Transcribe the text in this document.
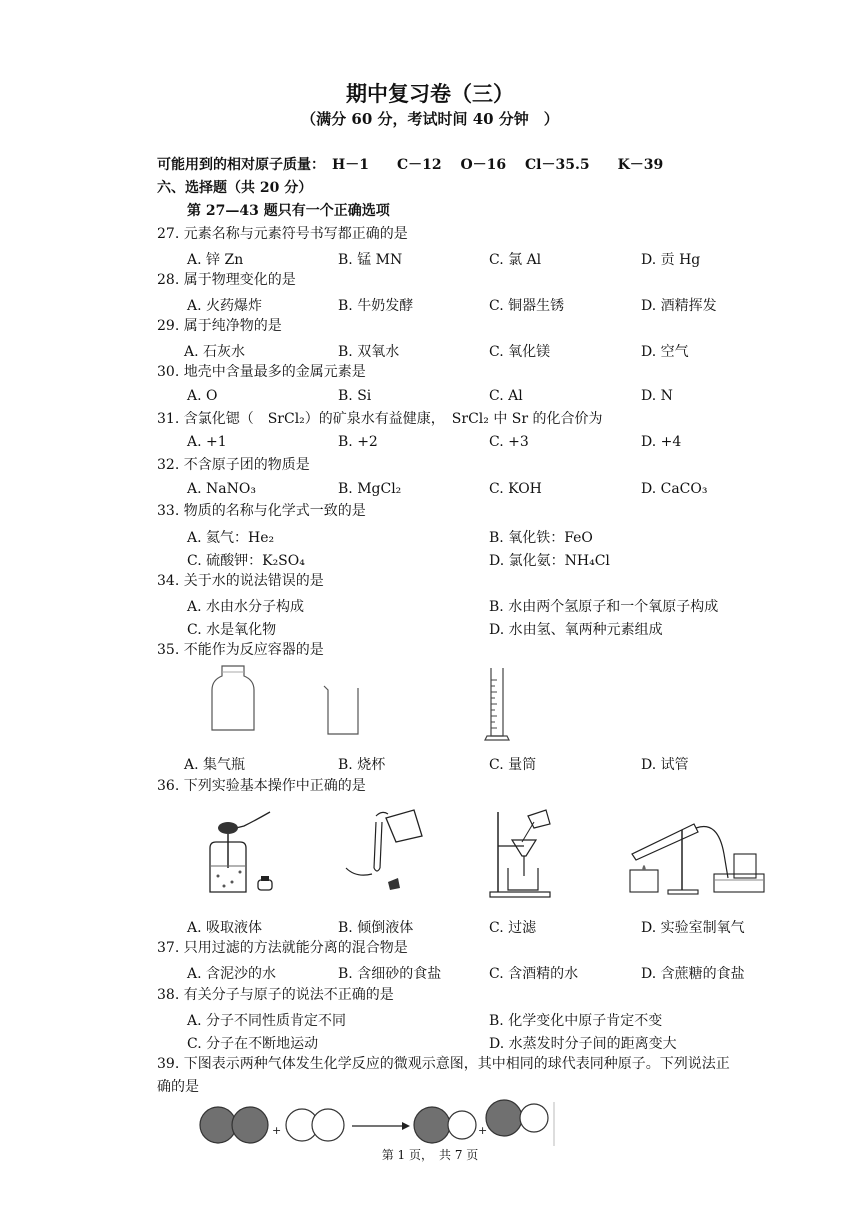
期中复习卷（三）
（满分 60 分，考试时间 40 分钟　）
可能用到的相对原子质量：　H－1　　C－12　 O－16　 Cl－35.5　　K－39
六、选择题（共 20 分）
第 27—43 题只有一个正确选项
27. 元素名称与元素符号书写都正确的是
A. 锌 Zn	B. 锰 MN	C. 氯 Al	D. 贡 Hg
28. 属于物理变化的是
A. 火药爆炸	B. 牛奶发酵	C. 铜器生锈	D. 酒精挥发
29. 属于纯净物的是
A. 石灰水	B. 双氧水	C. 氧化镁	D. 空气
30. 地壳中含量最多的金属元素是
A. O	B. Si	C. Al	D. N
31. 含氯化锶（　SrCl₂）的矿泉水有益健康，　SrCl₂ 中 Sr 的化合价为
A. +1	B. +2	C. +3	D. +4
32. 不含原子团的物质是
A. NaNO₃	B. MgCl₂	C. KOH	D. CaCO₃
33. 物质的名称与化学式一致的是
A. 氦气：He₂	B. 氧化铁：FeO
C. 硫酸钾：K₂SO₄	D. 氯化氨：NH₄Cl
34. 关于水的说法错误的是
A. 水由水分子构成	B. 水由两个氢原子和一个氧原子构成
C. 水是氧化物	D. 水由氢、氧两种元素组成
35. 不能作为反应容器的是
A. 集气瓶	B. 烧杯	C. 量筒	D. 试管
36. 下列实验基本操作中正确的是
A. 吸取液体	B. 倾倒液体	C. 过滤	D. 实验室制氧气
37. 只用过滤的方法就能分离的混合物是
A. 含泥沙的水	B. 含细砂的食盐	C. 含酒精的水	D. 含蔗糖的食盐
38. 有关分子与原子的说法不正确的是
A. 分子不同性质肯定不同	B. 化学变化中原子肯定不变
C. 分子在不断地运动	D. 水蒸发时分子间的距离变大
39. 下图表示两种气体发生化学反应的微观示意图，其中相同的球代表同种原子。下列说法正
确的是
+	+
第 1 页，　共 7 页
